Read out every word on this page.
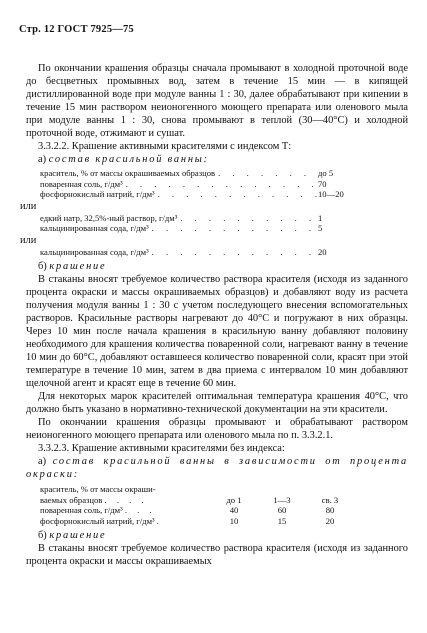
Стр. 12 ГОСТ 7925—75

По окончании крашения образцы сначала промывают в холодной проточной воде до бесцветных промывных вод, затем в течение 15 мин — в кипящей дистиллированной воде при модуле ванны 1 : 30, далее обрабатывают при кипении в течение 15 мин раствором неионогенного моющего препарата или оленового мыла при модуле ванны 1 : 30, снова промывают в теплой (30—40°С) и холодной проточной воде, отжимают и сушат.

3.3.2.2. Крашение активными красителями с индексом Т:

а) состав красильной ванны:

краситель, % от массы окрашиваемых образцов . . .	до 5
поваренная соль, г/дм³ . . .	70
фосфорнокислый натрий, г/дм³ . . .	10—20
или
едкий натр, 32,5%-ный раствор, г/дм³ . . .	1
кальцинированная сода, г/дм³ . . .	5
или
кальцинированная сода, г/дм³ . . .	20

б) крашение

В стаканы вносят требуемое количество раствора красителя (исходя из заданного процента окраски и массы окрашиваемых образцов) и добавляют воду из расчета получения модуля ванны 1 : 30 с учетом последующего внесения вспомогательных растворов. Красильные растворы нагревают до 40°С и погружают в них образцы. Через 10 мин после начала крашения в красильную ванну добавляют половину необходимого для крашения количества поваренной соли, нагревают ванну в течение 10 мин до 60°С, добавляют оставшееся количество поваренной соли, красят при этой температуре в течение 10 мин, затем в два приема с интервалом 10 мин добавляют щелочной агент и красят еще в течение 60 мин.

Для некоторых марок красителей оптимальная температура крашения 40°С, что должно быть указано в нормативно-технической документации на эти красители.

По окончании крашения образцы промывают и обрабатывают раствором неионогенного моющего препарата или оленового мыла по п. 3.3.2.1.

3.3.2.3. Крашение активными красителями без индекса:

а) состав красильной ванны в зависимости от процента окраски:

краситель, % от массы окраши-			
ваемых образцов . . . .	до 1	1—3	св. 3
поваренная соль, г/дм³ . . .	40	60	80
фосфорнокислый натрий, г/дм³ .	10	15	20

б) крашение

В стаканы вносят требуемое количество раствора красителя (исходя из заданного процента окраски и массы окрашиваемых
